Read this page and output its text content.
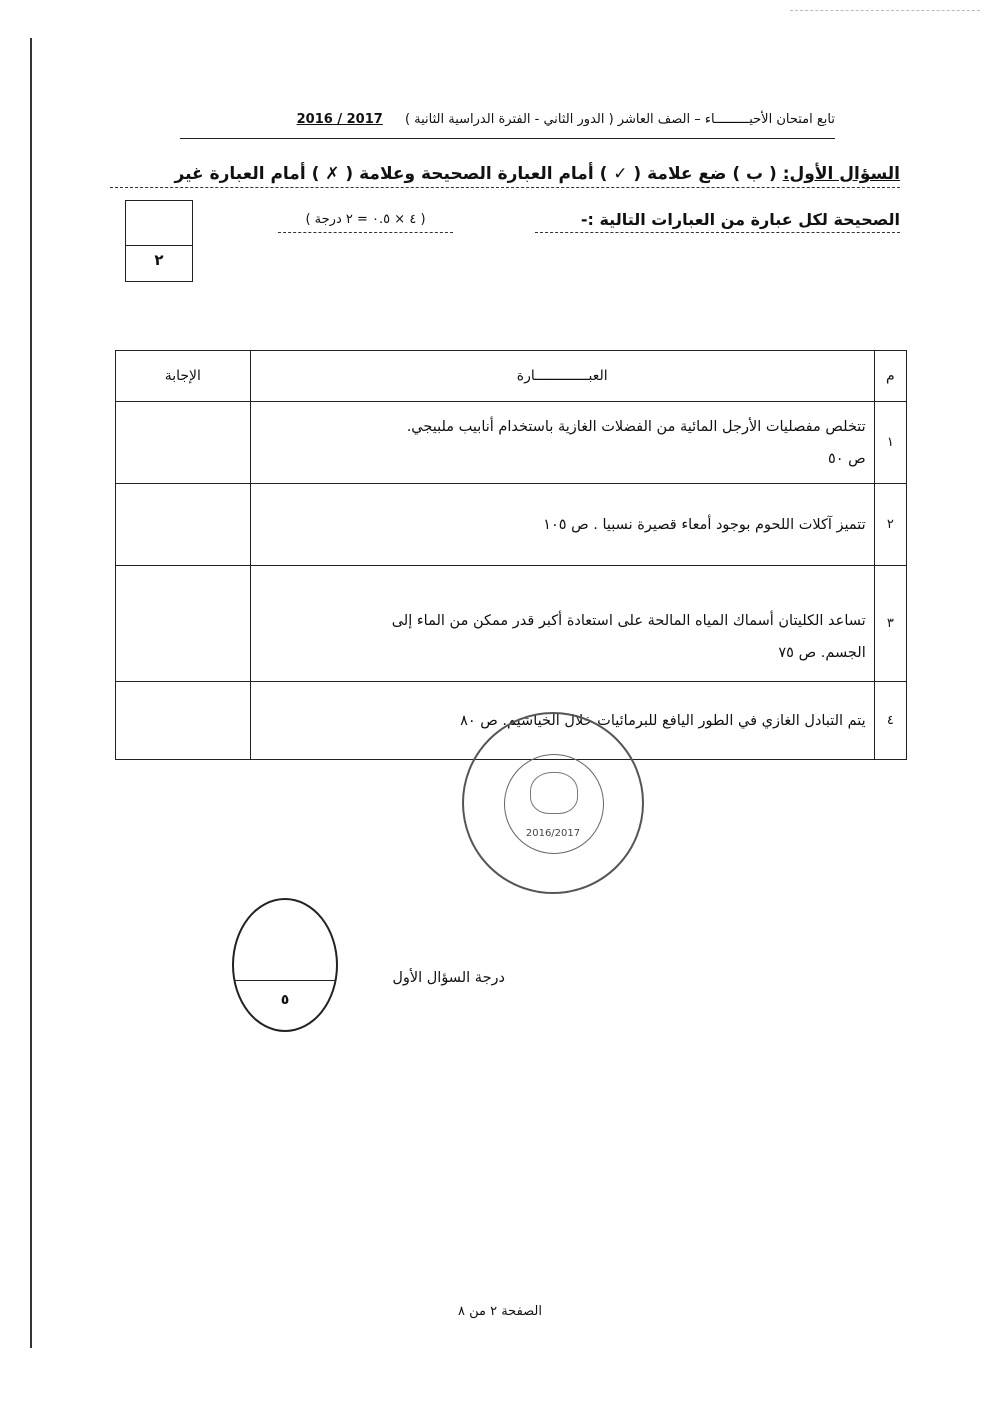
تابع امتحان الأحيـــــــــاء – الصف العاشر ( الدور الثاني - الفترة الدراسية الثانية ) 2017 / 2016
السؤال الأول: ( ب ) ضع علامة ( ✓ ) أمام العبارة الصحيحة وعلامة ( ✗ ) أمام العبارة غير
الصحيحة لكل عبارة من العبارات التالية :-
( ٤ × ٠.٥ = ٢ درجة )
٢
م	العبـــــــــــــارة	الإجابة
١	تتخلص مفصليات الأرجل المائية من الفضلات الغازية باستخدام أنابيب ملبيجي.
ص ٥٠	

٢	تتميز آكلات اللحوم بوجود أمعاء قصيرة نسبيا . ص ١٠٥	

٣	تساعد الكليتان أسماك المياه المالحة على استعادة أكبر قدر ممكن من الماء إلى
الجسم. ص ٧٥	

٤	يتم التبادل الغازي في الطور اليافع للبرمائيات خلال الخياشيم. ص ٨٠	

2016/2017
٥
درجة السؤال الأول
الصفحة ٢ من ٨
